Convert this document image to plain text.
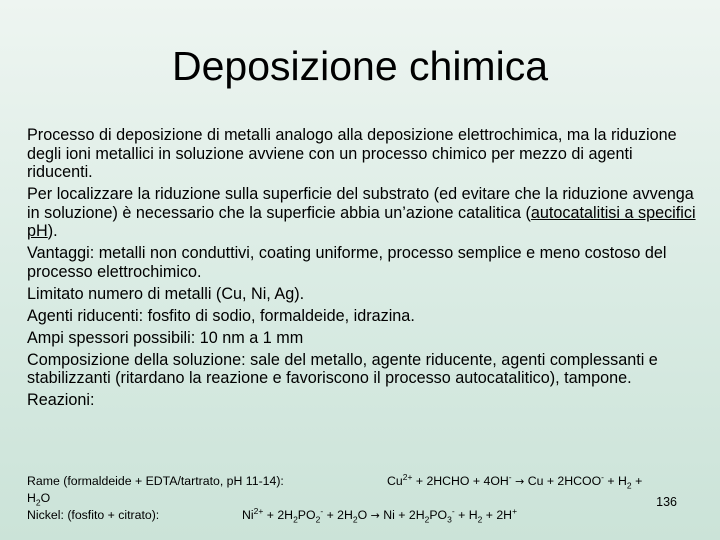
Deposizione chimica

Processo di deposizione di metalli analogo alla deposizione elettrochimica, ma la riduzione degli ioni metallici in soluzione avviene con un processo chimico per mezzo di agenti riducenti.

Per localizzare la riduzione sulla superficie del substrato (ed evitare che la riduzione avvenga in soluzione) è necessario che la superficie abbia un’azione catalitica (autocatalitisi a specifici pH).

Vantaggi: metalli non conduttivi, coating uniforme, processo semplice e meno costoso del processo elettrochimico.

Limitato numero di metalli (Cu, Ni, Ag).

Agenti riducenti: fosfito di sodio, formaldeide, idrazina.

Ampi spessori possibili: 10 nm a 1 mm

Composizione della soluzione: sale del metallo, agente riducente, agenti complessanti e stabilizzanti (ritardano la reazione e favoriscono il processo autocatalitico), tampone.

Reazioni:

Rame (formaldeide + EDTA/tartrato, pH 11-14):	$Cu^{2+}$ + 2HCHO + 4OH- → Cu + 2HCOO- + $H_2$ +
$H_2O$
Nickel: (fosfito + citrato):	$Ni^{2+} + 2H_2PO_2^- + 2H_2O \to Ni + 2H_2PO_3^- + H_2 + 2H^+$
136
